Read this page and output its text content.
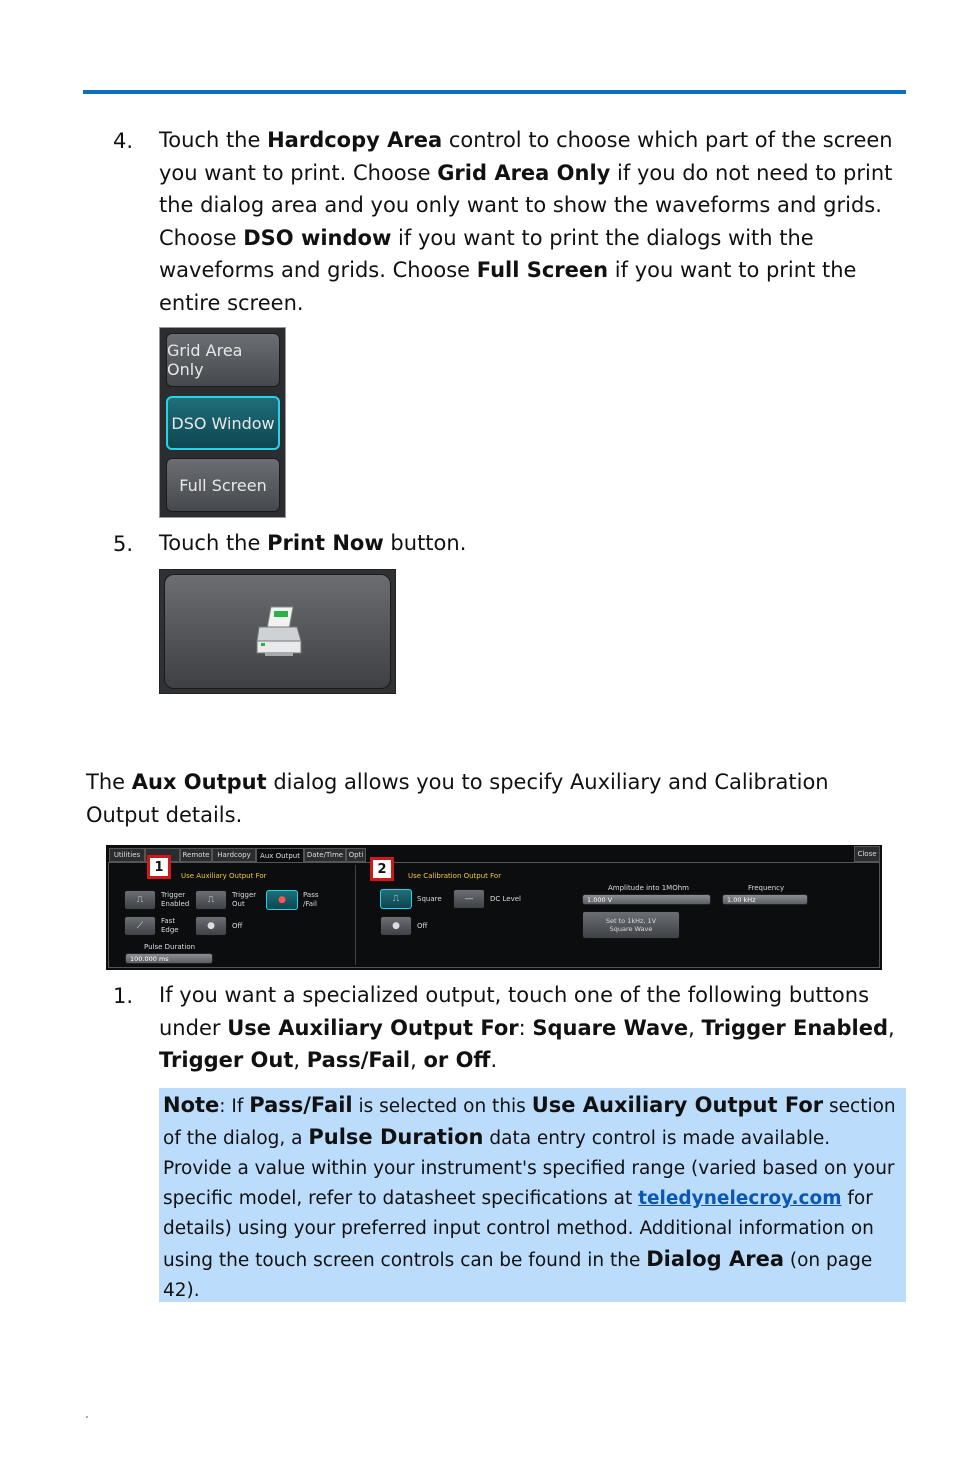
4. Touch the Hardcopy Area control to choose which part of the screen you want to print. Choose Grid Area Only if you do not need to print the dialog area and you only want to show the waveforms and grids. Choose DSO window if you want to print the dialogs with the waveforms and grids. Choose Full Screen if you want to print the entire screen.
Grid Area Only
DSO Window
Full Screen
5. Touch the Print Now button.
The Aux Output dialog allows you to specify Auxiliary and Calibration Output details.
Utilities	Remote	Hardcopy	Aux Output Date/Time Opti	Close
Use Auxiliary Output For
⎍	Trigger
Enabled ⎍	Trigger
Out	● Pass
/Fail
⟋	Fast
Edge	● Off
Pulse Duration
100.000 ms
Use Calibration Output For
⎍	Square	— DC Level
● Off
Amplitude into 1MOhm
1.000 V
Frequency
1.00 kHz
Set to 1kHz, 1V
Square Wave
1	2
1. If you want a specialized output, touch one of the following buttons under Use Auxiliary Output For: Square Wave, Trigger Enabled, Trigger Out, Pass/Fail, or Off.
Note: If Pass/Fail is selected on this Use Auxiliary Output For section of the dialog, a Pulse Duration data entry control is made available. Provide a value within your instrument's specified range (varied based on your specific model, refer to datasheet specifications at teledynelecroy.com for details) using your preferred input control method. Additional information on using the touch screen controls can be found in the Dialog Area (on page 42).
